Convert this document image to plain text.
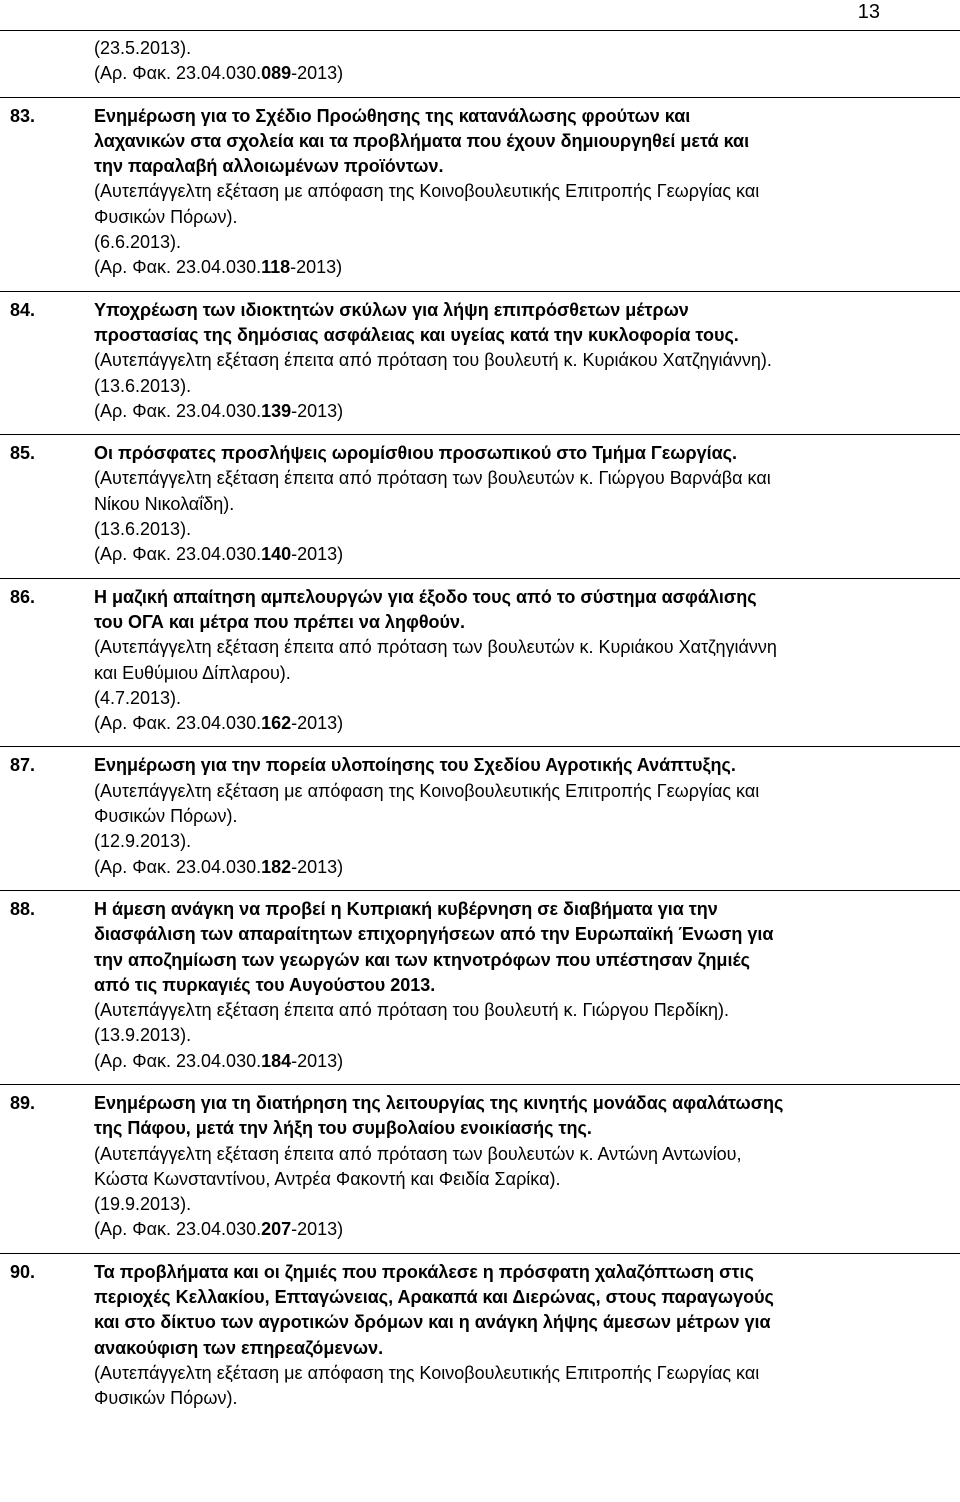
13
(23.5.2013).
(Αρ. Φακ. 23.04.030.089-2013)
83.	Ενημέρωση για το Σχέδιο Προώθησης της κατανάλωσης φρούτων και
λαχανικών στα σχολεία και τα προβλήματα που έχουν δημιουργηθεί μετά και
την παραλαβή αλλοιωμένων προϊόντων.
(Αυτεπάγγελτη εξέταση με απόφαση της Κοινοβουλευτικής Επιτροπής Γεωργίας και
Φυσικών Πόρων).
(6.6.2013).
(Αρ. Φακ. 23.04.030.118-2013)
84.	Υποχρέωση των ιδιοκτητών σκύλων για λήψη επιπρόσθετων μέτρων
προστασίας της δημόσιας ασφάλειας και υγείας κατά την κυκλοφορία τους.
(Αυτεπάγγελτη εξέταση έπειτα από πρόταση του βουλευτή κ. Κυριάκου Χατζηγιάννη).
(13.6.2013).
(Αρ. Φακ. 23.04.030.139-2013)
85.	Οι πρόσφατες προσλήψεις ωρομίσθιου προσωπικού στο Τμήμα Γεωργίας.
(Αυτεπάγγελτη εξέταση έπειτα από πρόταση των βουλευτών κ. Γιώργου Βαρνάβα και
Νίκου Νικολαΐδη).
(13.6.2013).
(Αρ. Φακ. 23.04.030.140-2013)
86.	Η μαζική απαίτηση αμπελουργών για έξοδο τους από το σύστημα ασφάλισης
του ΟΓΑ και μέτρα που πρέπει να ληφθούν.
(Αυτεπάγγελτη εξέταση έπειτα από πρόταση των βουλευτών κ. Κυριάκου Χατζηγιάννη
και Ευθύμιου Δίπλαρου).
(4.7.2013).
(Αρ. Φακ. 23.04.030.162-2013)
87.	Ενημέρωση για την πορεία υλοποίησης του Σχεδίου Αγροτικής Ανάπτυξης.
(Αυτεπάγγελτη εξέταση με απόφαση της Κοινοβουλευτικής Επιτροπής Γεωργίας και
Φυσικών Πόρων).
(12.9.2013).
(Αρ. Φακ. 23.04.030.182-2013)
88.	Η άμεση ανάγκη να προβεί η Κυπριακή κυβέρνηση σε διαβήματα για την
διασφάλιση των απαραίτητων επιχορηγήσεων από την Ευρωπαϊκή Ένωση για
την αποζημίωση των γεωργών και των κτηνοτρόφων που υπέστησαν ζημιές
από τις πυρκαγιές του Αυγούστου 2013.
(Αυτεπάγγελτη εξέταση έπειτα από πρόταση του βουλευτή κ. Γιώργου Περδίκη).
(13.9.2013).
(Αρ. Φακ. 23.04.030.184-2013)
89.	Ενημέρωση για τη διατήρηση της λειτουργίας της κινητής μονάδας αφαλάτωσης
της Πάφου, μετά την λήξη του συμβολαίου ενοικίασής της.
(Αυτεπάγγελτη εξέταση έπειτα από πρόταση των βουλευτών κ. Αντώνη Αντωνίου,
Κώστα Κωνσταντίνου, Αντρέα Φακοντή και Φειδία Σαρίκα).
(19.9.2013).
(Αρ. Φακ. 23.04.030.207-2013)
90.	Τα προβλήματα και οι ζημιές που προκάλεσε η πρόσφατη χαλαζόπτωση στις
περιοχές Κελλακίου, Επταγώνειας, Αρακαπά και Διερώνας, στους παραγωγούς
και στο δίκτυο των αγροτικών δρόμων και η ανάγκη λήψης άμεσων μέτρων για
ανακούφιση των επηρεαζόμενων.
(Αυτεπάγγελτη εξέταση με απόφαση της Κοινοβουλευτικής Επιτροπής Γεωργίας και
Φυσικών Πόρων).
